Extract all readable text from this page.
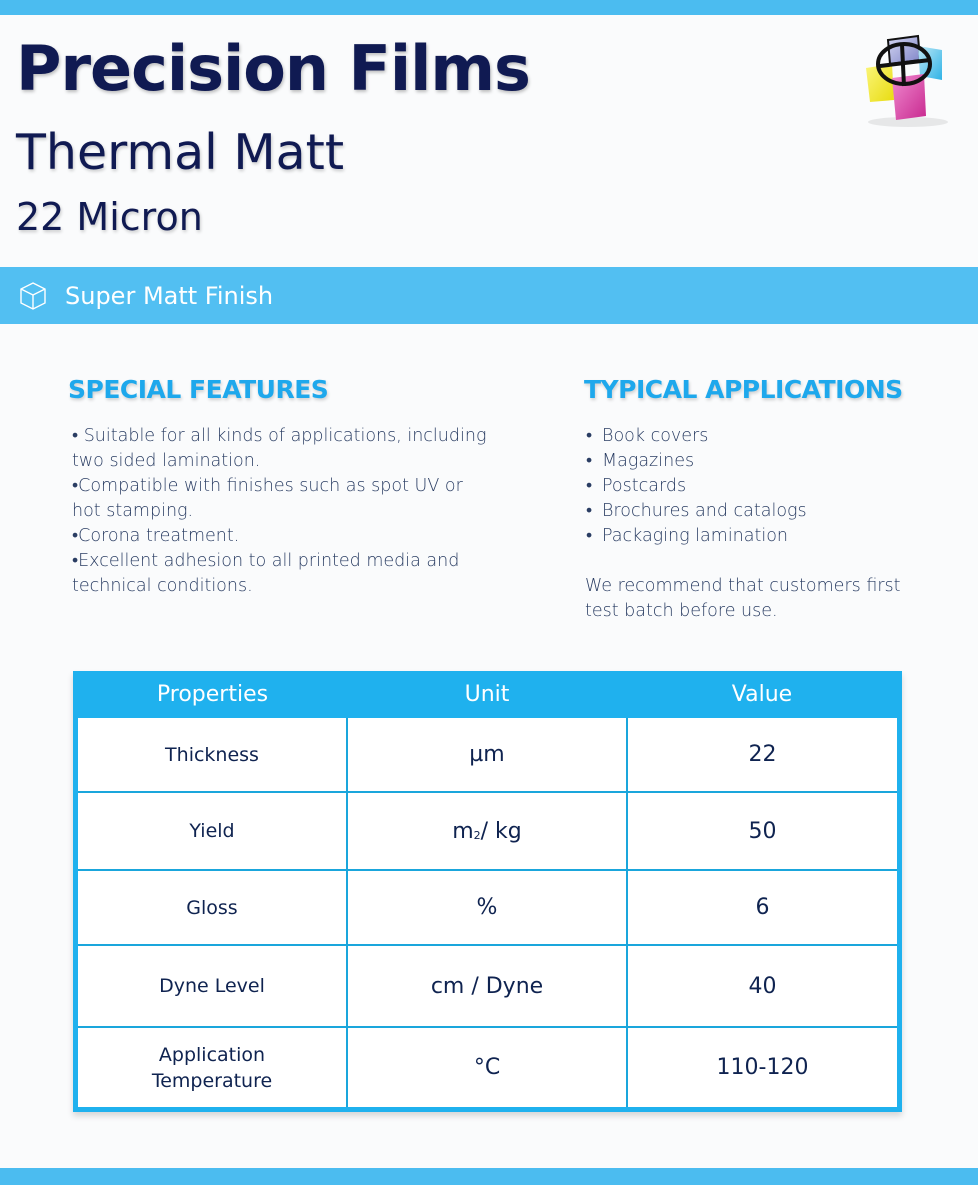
Precision Films
Thermal Matt
22 Micron
Super Matt Finish
SPECIAL FEATURES
• Suitable for all kinds of applications, including
two sided lamination.
•Compatible with finishes such as spot UV or
hot stamping.
•Corona treatment.
•Excellent adhesion to all printed media and
technical conditions.
TYPICAL APPLICATIONS
• Book covers
• Magazines
• Postcards
• Brochures and catalogs
• Packaging lamination
We recommend that customers first
test batch before use.
Properties	Unit	Value
Thickness	µm	22
Yield	$m_2/$ kg	50
Gloss	%	6
Dyne Level	cm / Dyne	40

Application
Temperature	°C	110-120
